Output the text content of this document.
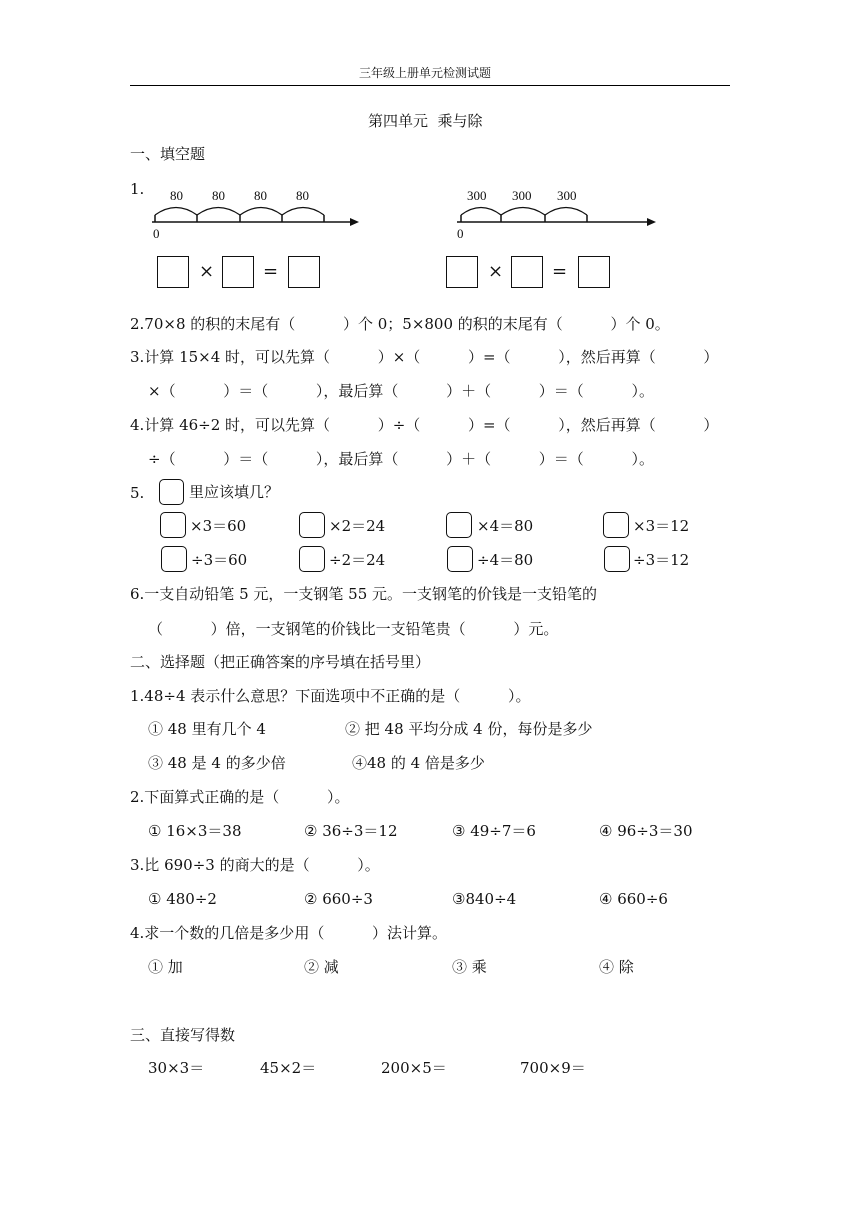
三年级上册单元检测试题
第四单元  乘与除
一、填空题
1. 80 80 80 80
0
300 300 300
0
×	=	×	=
2.70×8 的积的末尾有（          ）个 0；5×800 的积的末尾有（          ）个 0。
3.计算 15×4 时，可以先算（          ）×（          ）=（          ），然后再算（          ）
×（          ）＝（          ），最后算（          ）＋（          ）＝（          ）。
4.计算 46÷2 时，可以先算（          ）÷（          ）=（          ），然后再算（          ）
÷（          ）＝（          ），最后算（          ）＋（          ）＝（          ）。
5.	里应该填几？
×3＝60	×2＝24	×4＝80	×3＝12
÷3＝60	÷2＝24	÷4＝80	÷3＝12
6.一支自动铅笔 5 元，一支钢笔 55 元。一支钢笔的价钱是一支铅笔的
（          ）倍，一支钢笔的价钱比一支铅笔贵（          ）元。
二、选择题（把正确答案的序号填在括号里）
1.48÷4 表示什么意思？下面选项中不正确的是（          ）。
① 48 里有几个 4	② 把 48 平均分成 4 份，每份是多少
③ 48 是 4 的多少倍	④48 的 4 倍是多少
2.下面算式正确的是（          ）。
① 16×3＝38	② 36÷3＝12	③ 49÷7＝6	④ 96÷3＝30
3.比 690÷3 的商大的是（          ）。
① 480÷2	② 660÷3	③840÷4	④ 660÷6
4.求一个数的几倍是多少用（          ）法计算。
① 加	② 减	③ 乘	④ 除
三、直接写得数
30×3＝	45×2＝	200×5＝	700×9＝
